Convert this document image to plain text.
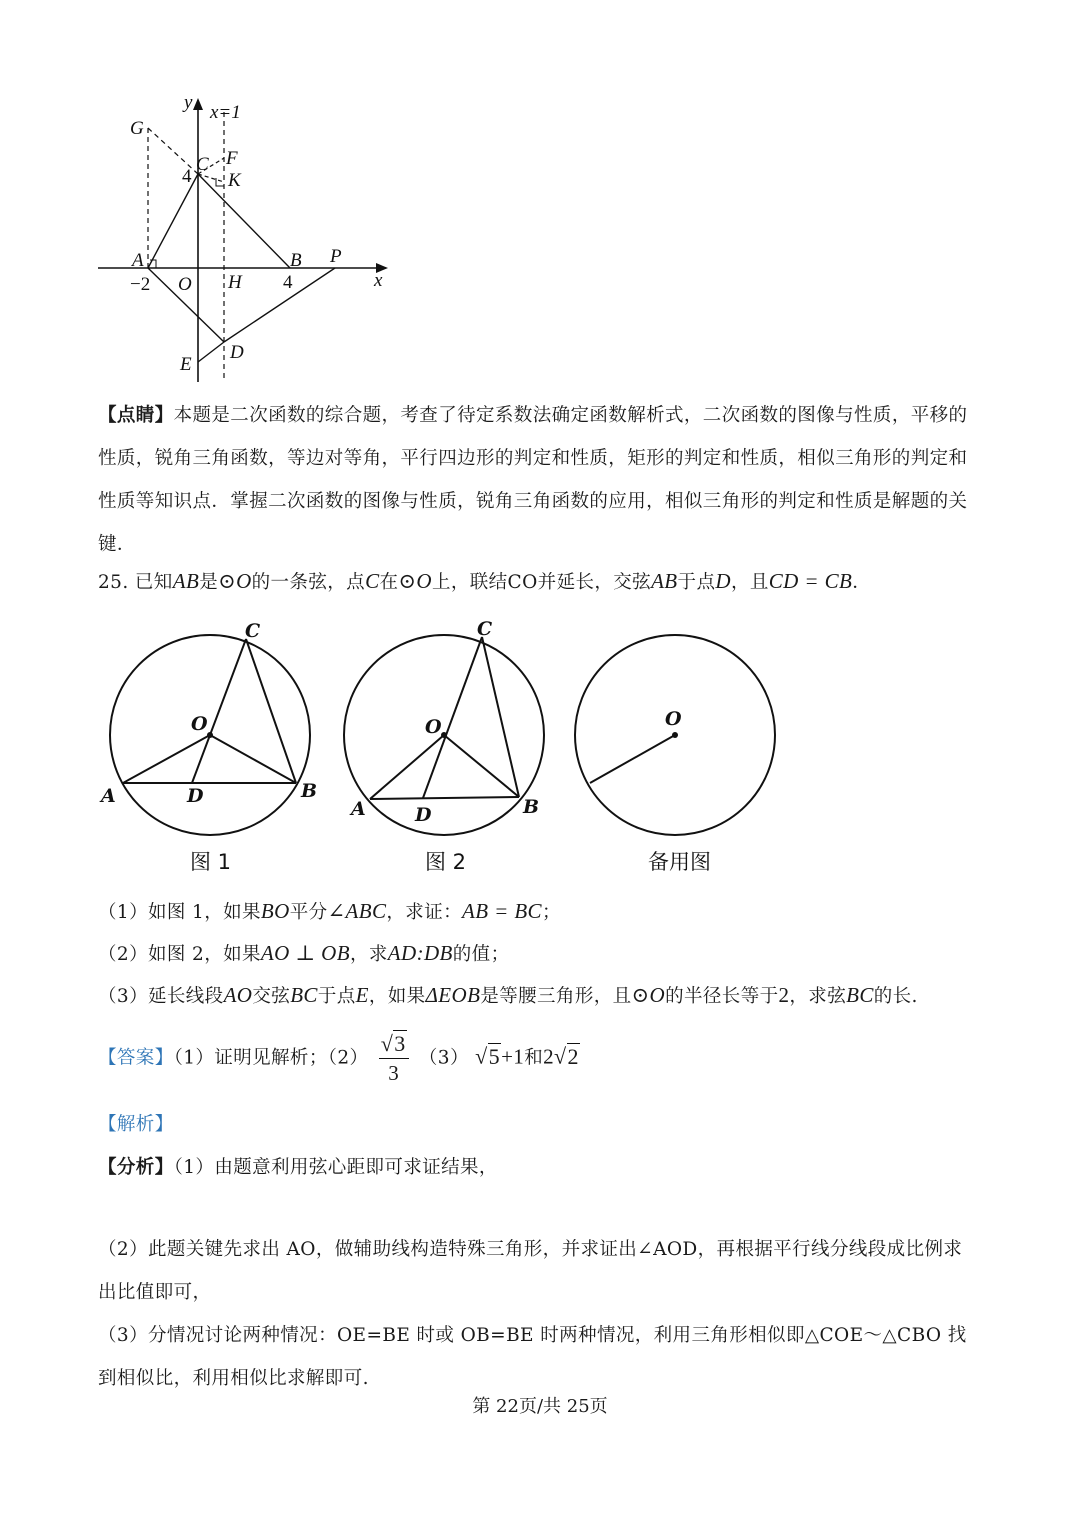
y x=1
G
C F
4 K
A	B P
x
−2 O H 4
D
E
【点睛】本题是二次函数的综合题，考查了待定系数法确定函数解析式，二次函数的图像与性质，平移的性质，锐角三角函数，等边对等角，平行四边形的判定和性质，矩形的判定和性质，相似三角形的判定和性质等知识点．掌握二次函数的图像与性质，锐角三角函数的应用，相似三角形的判定和性质是解题的关键．
25. 已知AB是⊙O的一条弦，点C在⊙O上，联结CO并延长，交弦AB于点D，且CD = CB．
C
O
A	D	B
图 1
C
O
A	D	B
图 2
O
备用图
（1）如图 1，如果BO平分∠ABC，求证：AB = BC；
（2）如图 2，如果AO ⊥ OB，求AD:DB的值；
（3）延长线段AO交弦BC于点E，如果ΔEOB是等腰三角形，且⊙O的半径长等于2，求弦BC的长.
【答案】（1）证明见解析；$(2) \frac{√3}{3} (3)$ √5+1和2√2
【解析】
【分析】（1）由题意利用弦心距即可求证结果，
（2）此题关键先求出 AO，做辅助线构造特殊三角形，并求证出∠AOD，再根据平行线分线段成比例求出比值即可，
（3）分情况讨论两种情况：OE=BE 时或 OB=BE 时两种情况，利用三角形相似即△COE～△CBO 找到相似比，利用相似比求解即可.
第 22页/共 25页
